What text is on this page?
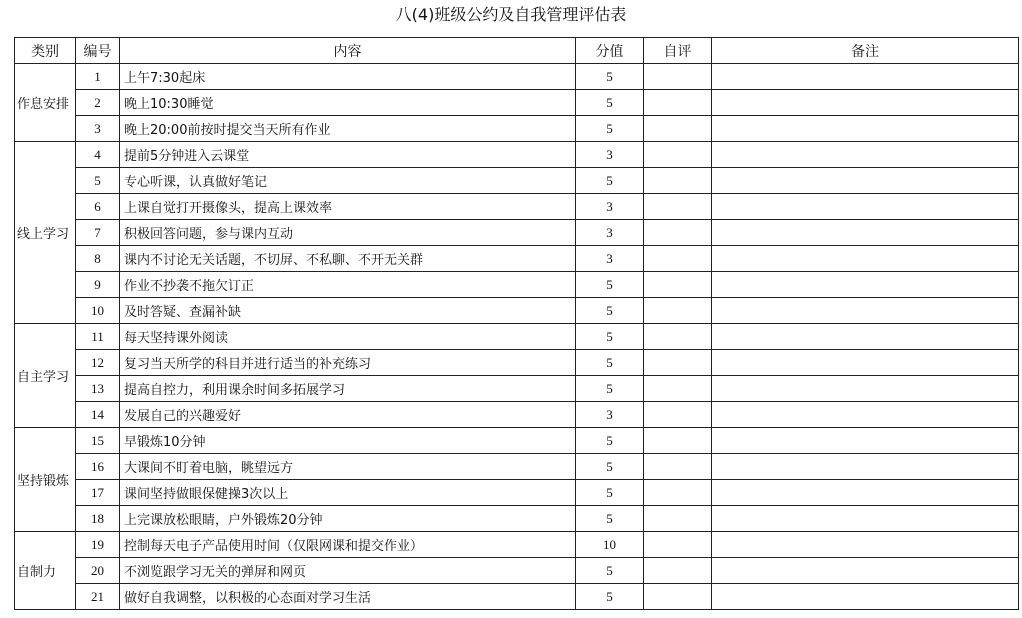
八(4)班级公约及自我管理评估表
类别	编号	内容	分值	自评	备注
作息安排	1	上午7:30起床	5		
	2	晚上10:30睡觉	5		
	3	晚上20:00前按时提交当天所有作业	5		
线上学习	4	提前5分钟进入云课堂	3		
	5	专心听课，认真做好笔记	5		
	6	上课自觉打开摄像头，提高上课效率	3		
	7	积极回答问题，参与课内互动	3		
	8	课内不讨论无关话题，不切屏、不私聊、不开无关群	3		
	9	作业不抄袭不拖欠订正	5		
	10	及时答疑、查漏补缺	5		
自主学习	11	每天坚持课外阅读	5		
	12	复习当天所学的科目并进行适当的补充练习	5		
	13	提高自控力，利用课余时间多拓展学习	5		
	14	发展自己的兴趣爱好	3		
坚持锻炼	15	早锻炼10分钟	5		
	16	大课间不盯着电脑，眺望远方	5		
	17	课间坚持做眼保健操3次以上	5		
	18	上完课放松眼睛，户外锻炼20分钟	5		
自制力	19	控制每天电子产品使用时间（仅限网课和提交作业）	10		
	20	不浏览跟学习无关的弹屏和网页	5		
	21	做好自我调整，以积极的心态面对学习生活	5		
